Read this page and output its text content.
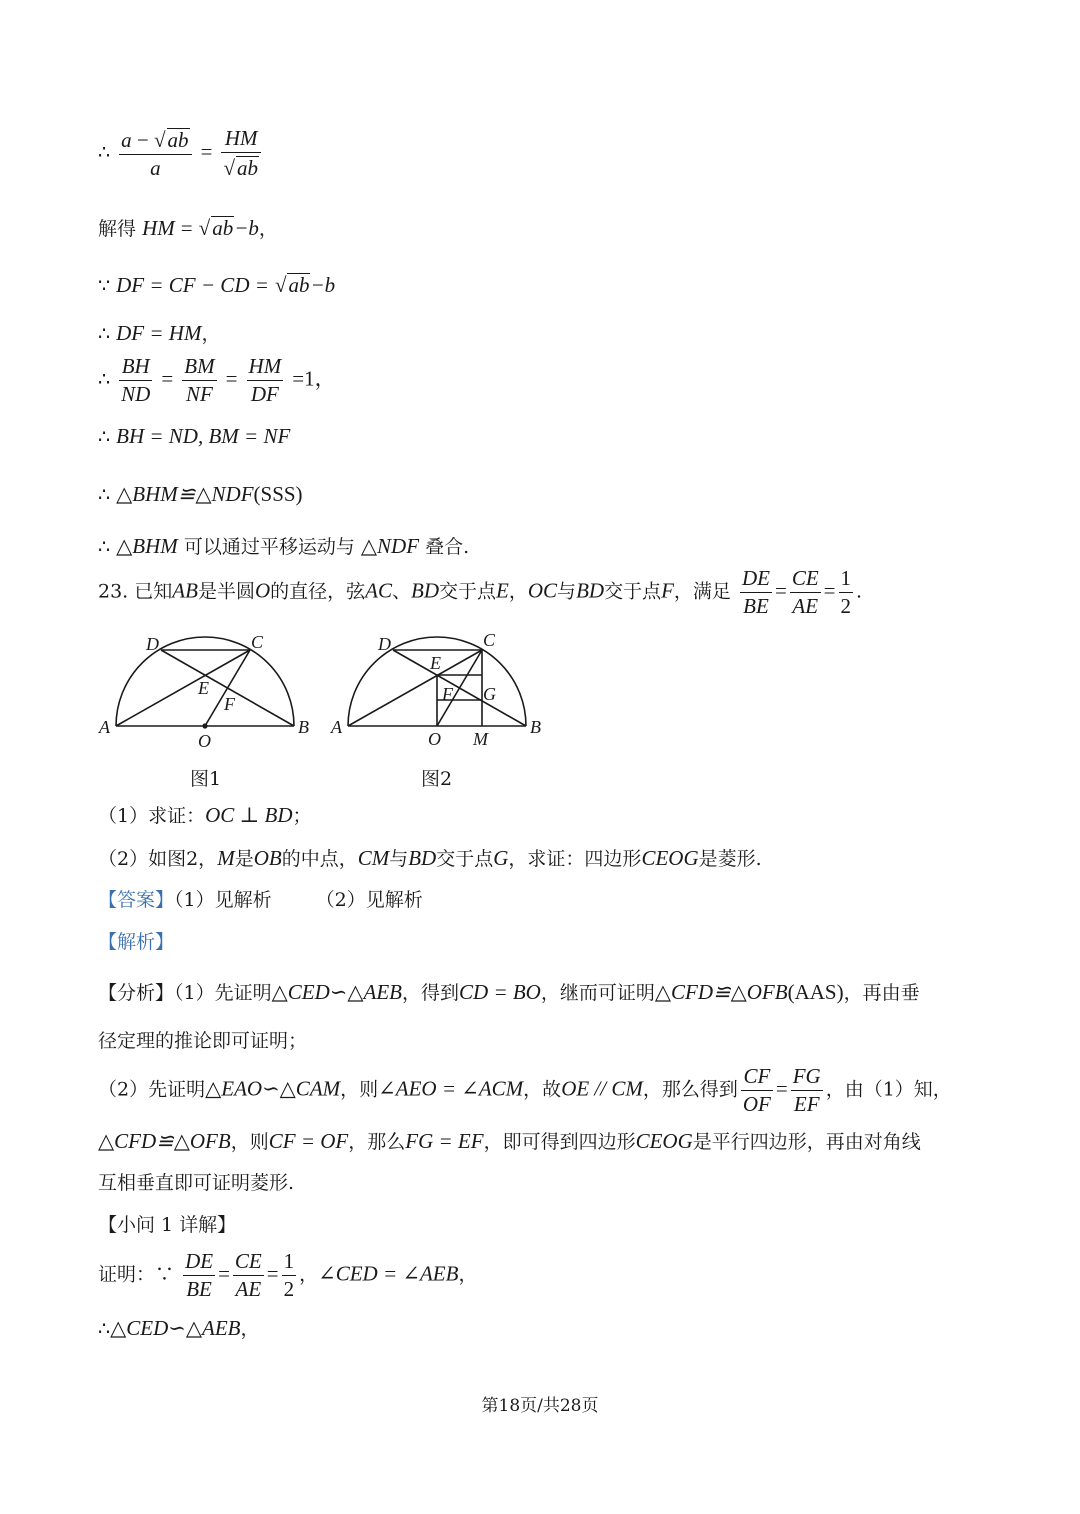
∴ $\frac{a - √ab}{a} = \frac{HM}{√ab}$
解得 HM = √ab−b，
∵ DF = CF − CD = √ab−b
∴ DF = HM，
∴ $\frac{BH}{ND} = \frac{BM}{NF} = \frac{HM}{DF} =1$，
∴ BH = ND, BM = NF
∴ △BHM≌△NDF(SSS)
∴ △BHM 可以通过平移运动与 △NDF 叠合.
23. 已知AB是半圆O的直径，弦AC、BD交于点E，OC与BD交于点F，满足 $\frac{DE}{BE} = \frac{CE}{AE} = \frac{1}{2}$ .
A	B
C
D
E
F
O
图1
A	B
C
D
E
F G
O M
图2
（1）求证：OC ⊥ BD；
（2）如图2，M是OB的中点，CM与BD交于点G，求证：四边形CEOG是菱形.
【答案】（1）见解析 （2）见解析
【解析】
【分析】（1）先证明△CED∽△AEB，得到CD = BO，继而可证明△CFD≌△OFB(AAS)，再由垂
径定理的推论即可证明；
（2）先证明△EAO∽△CAM，则∠AEO = ∠ACM，故OE // CM，那么得到 $\frac{CF}{OF} = \frac{FG}{EF}$ ，由（1）知，
△CFD≌△OFB，则CF = OF，那么FG = EF，即可得到四边形CEOG是平行四边形，再由对角线
互相垂直即可证明菱形.
【小问 1 详解】
证明：∵ $\frac{DE}{BE} = \frac{CE}{AE} = \frac{1}{2}$ ，∠CED = ∠AEB，
∴△CED∽△AEB，
第18页/共28页
